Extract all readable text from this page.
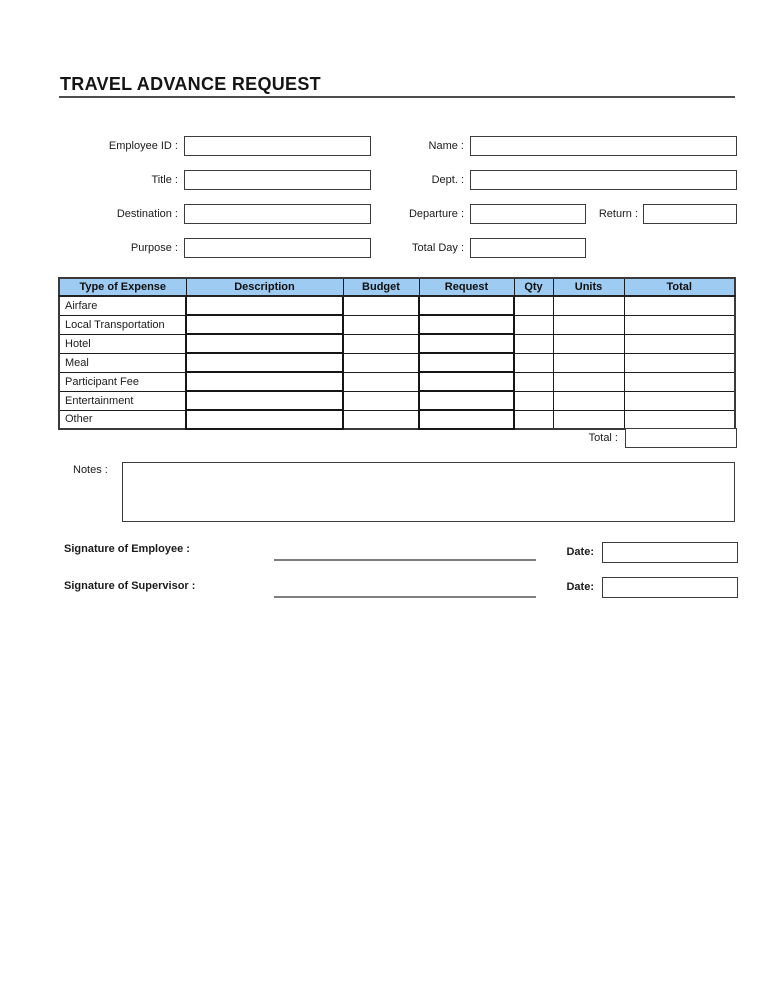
TRAVEL ADVANCE REQUEST
Employee ID :	Name :
Title :	Dept. :
Destination :	Departure :	Return :
Purpose :	Total Day :
Type of Expense	Description	Budget	Request	Qty	Units	Total
Airfare						
Local Transportation						
Hotel						
Meal						
Participant Fee						
Entertainment						
Other						
Total :
Notes :
Signature of Employee :	Date:
Signature of Supervisor :	Date:
